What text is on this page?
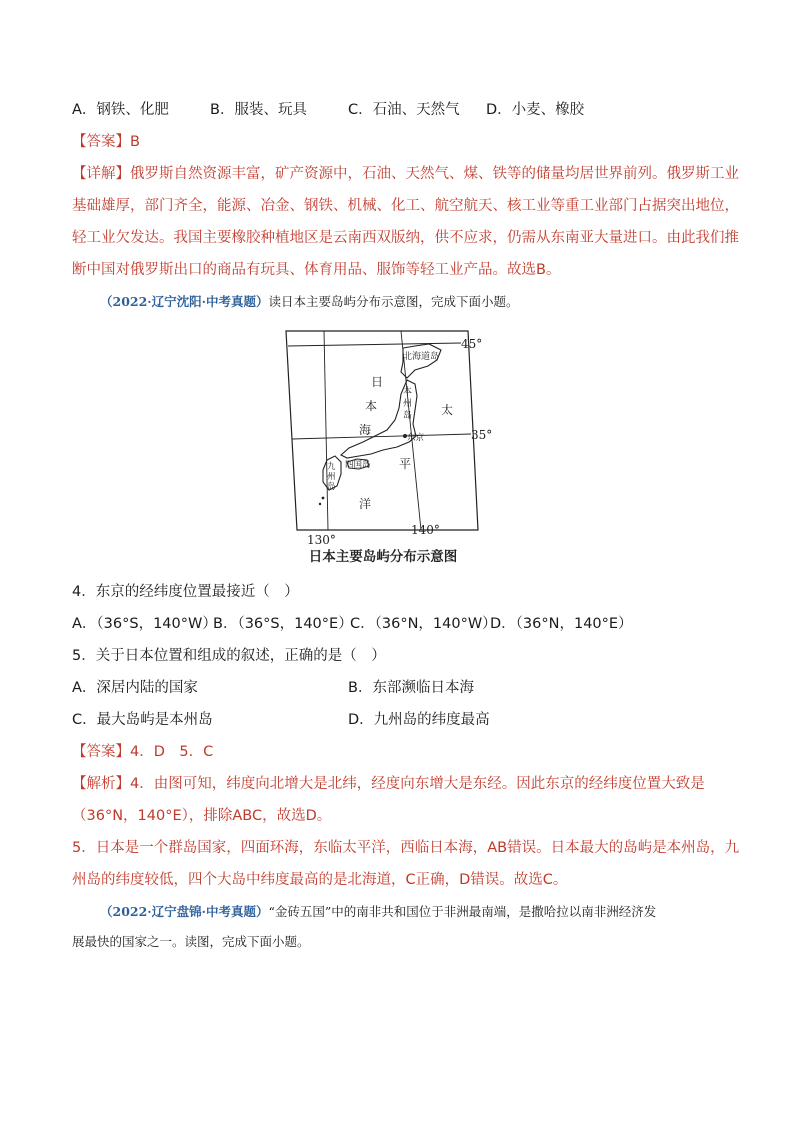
A．钢铁、化肥	B．服装、玩具	C．石油、天然气 D．小麦、橡胶
【答案】B
【详解】俄罗斯自然资源丰富，矿产资源中，石油、天然气、煤、铁等的储量均居世界前列。俄罗斯工业
基础雄厚，部门齐全，能源、冶金、钢铁、机械、化工、航空航天、核工业等重工业部门占据突出地位，
轻工业欠发达。我国主要橡胶种植地区是云南西双版纳，供不应求，仍需从东南亚大量进口。由此我们推
断中国对俄罗斯出口的商品有玩具、体育用品、服饰等轻工业产品。故选B。
（2022·辽宁沈阳·中考真题）读日本主要岛屿分布示意图，完成下面小题。
45°
35°
130°
140°
北海道岛
本
州
岛
东京
四国岛
九
州
岛
日
本
海
太
平
洋
日本主要岛屿分布示意图
4．东京的经纬度位置最接近（　）
A．（36°S，140°W）
B．（36°S，140°E）
C．（36°N，140°W）
D．（36°N，140°E）
5．关于日本位置和组成的叙述，正确的是（　）
A．深居内陆的国家	B．东部濒临日本海
C．最大岛屿是本州岛	D．九州岛的纬度最高
【答案】4．D　5．C
【解析】4．由图可知，纬度向北增大是北纬，经度向东增大是东经。因此东京的经纬度位置大致是
（36°N，140°E），排除ABC，故选D。
5．日本是一个群岛国家，四面环海，东临太平洋，西临日本海，AB错误。日本最大的岛屿是本州岛，九
州岛的纬度较低，四个大岛中纬度最高的是北海道，C正确，D错误。故选C。
（2022·辽宁盘锦·中考真题）“金砖五国”中的南非共和国位于非洲最南端，是撒哈拉以南非洲经济发
展最快的国家之一。读图，完成下面小题。
